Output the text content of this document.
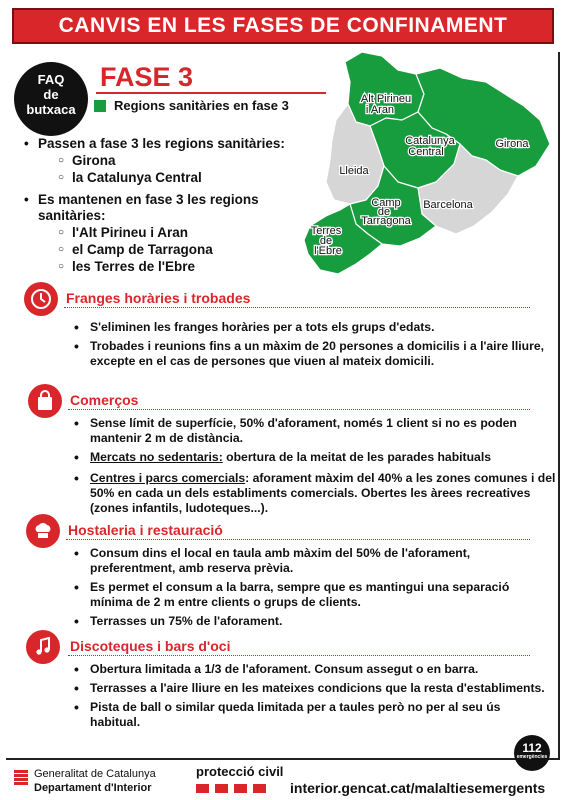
CANVIS EN LES FASES DE CONFINAMENT
FAQ
de
butxaca
FASE 3
Regions sanitàries en fase 3
• Passen a fase 3 les regions sanitàries:
○ Girona
○ la Catalunya Central
• Es mantenen en fase 3 les regions sanitàries:
○ l'Alt Pirineu i Aran
○ el Camp de Tarragona
○ les Terres de l'Ebre
Alt Pirineu i Aran
Catalunya Central
Girona
Lleida
Barcelona
Camp de Tarragona
Terres de l'Ebre
Franges horàries i trobades
• S'eliminen les franges horàries per a tots els grups d'edats.
• Trobades i reunions fins a un màxim de 20 persones a domicilis i a l'aire lliure, excepte en el cas de persones que viuen al mateix domicili.
Comerços
• Sense límit de superfície, 50% d'aforament, només 1 client si no es poden mantenir 2 m de distància.
• Mercats no sedentaris: obertura de la meitat de les parades habituals
• Centres i parcs comercials: aforament màxim del 40% a les zones comunes i del 50% en cada un dels establiments comercials. Obertes les àrees recreatives (zones infantils, ludoteques...).
Hostaleria i restauració
• Consum dins el local en taula amb màxim del 50% de l'aforament, preferentment, amb reserva prèvia.
• Es permet el consum a la barra, sempre que es mantingui una separació mínima de 2 m entre clients o grups de clients.
• Terrasses un 75% de l'aforament.
Discoteques i bars d'oci
• Obertura limitada a 1/3 de l'aforament. Consum assegut o en barra.
• Terrasses a l'aire lliure en les mateixes condicions que la resta d'establiments.
• Pista de ball o similar queda limitada per a taules però no per al seu ús habitual.
112
emergències
Generalitat de Catalunya
Departament d'Interior
protecció civil
interior.gencat.cat/malaltiesemergents
